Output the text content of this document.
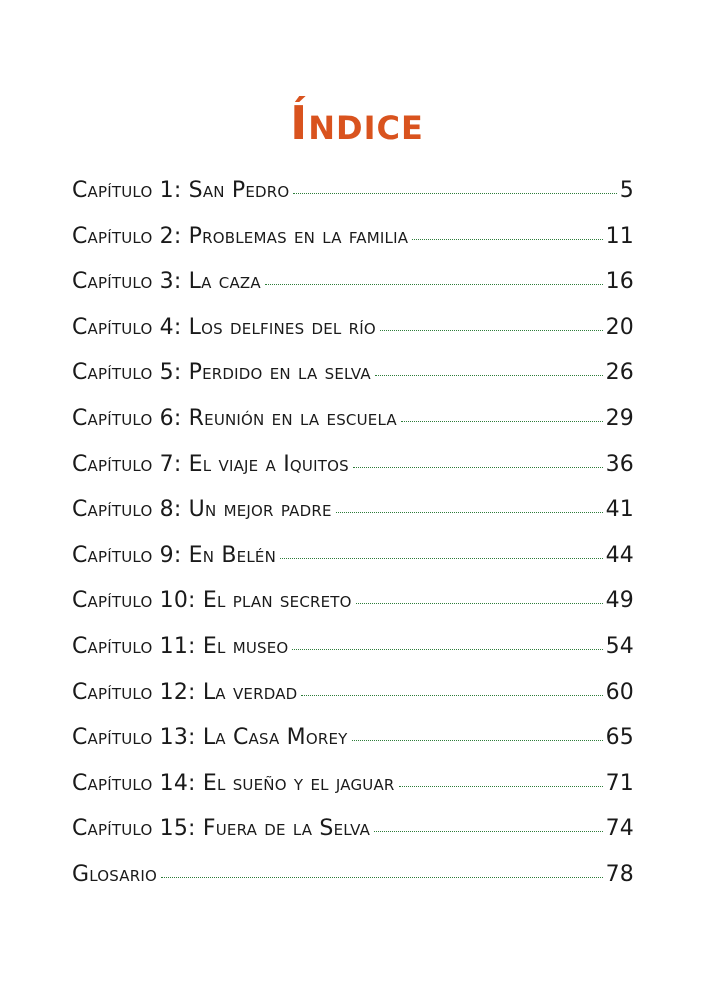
Índice
Capítulo 1: San Pedro	5
Capítulo 2: Problemas en la familia	11
Capítulo 3: La caza	16
Capítulo 4: Los delfines del río	20
Capítulo 5: Perdido en la selva	26
Capítulo 6: Reunión en la escuela	29
Capítulo 7: El viaje a Iquitos	36
Capítulo 8: Un mejor padre	41
Capítulo 9: En Belén	44
Capítulo 10: El plan secreto	49
Capítulo 11: El museo	54
Capítulo 12: La verdad	60
Capítulo 13: La Casa Morey	65
Capítulo 14: El sueño y el jaguar	71
Capítulo 15: Fuera de la Selva	74
Glosario	78
